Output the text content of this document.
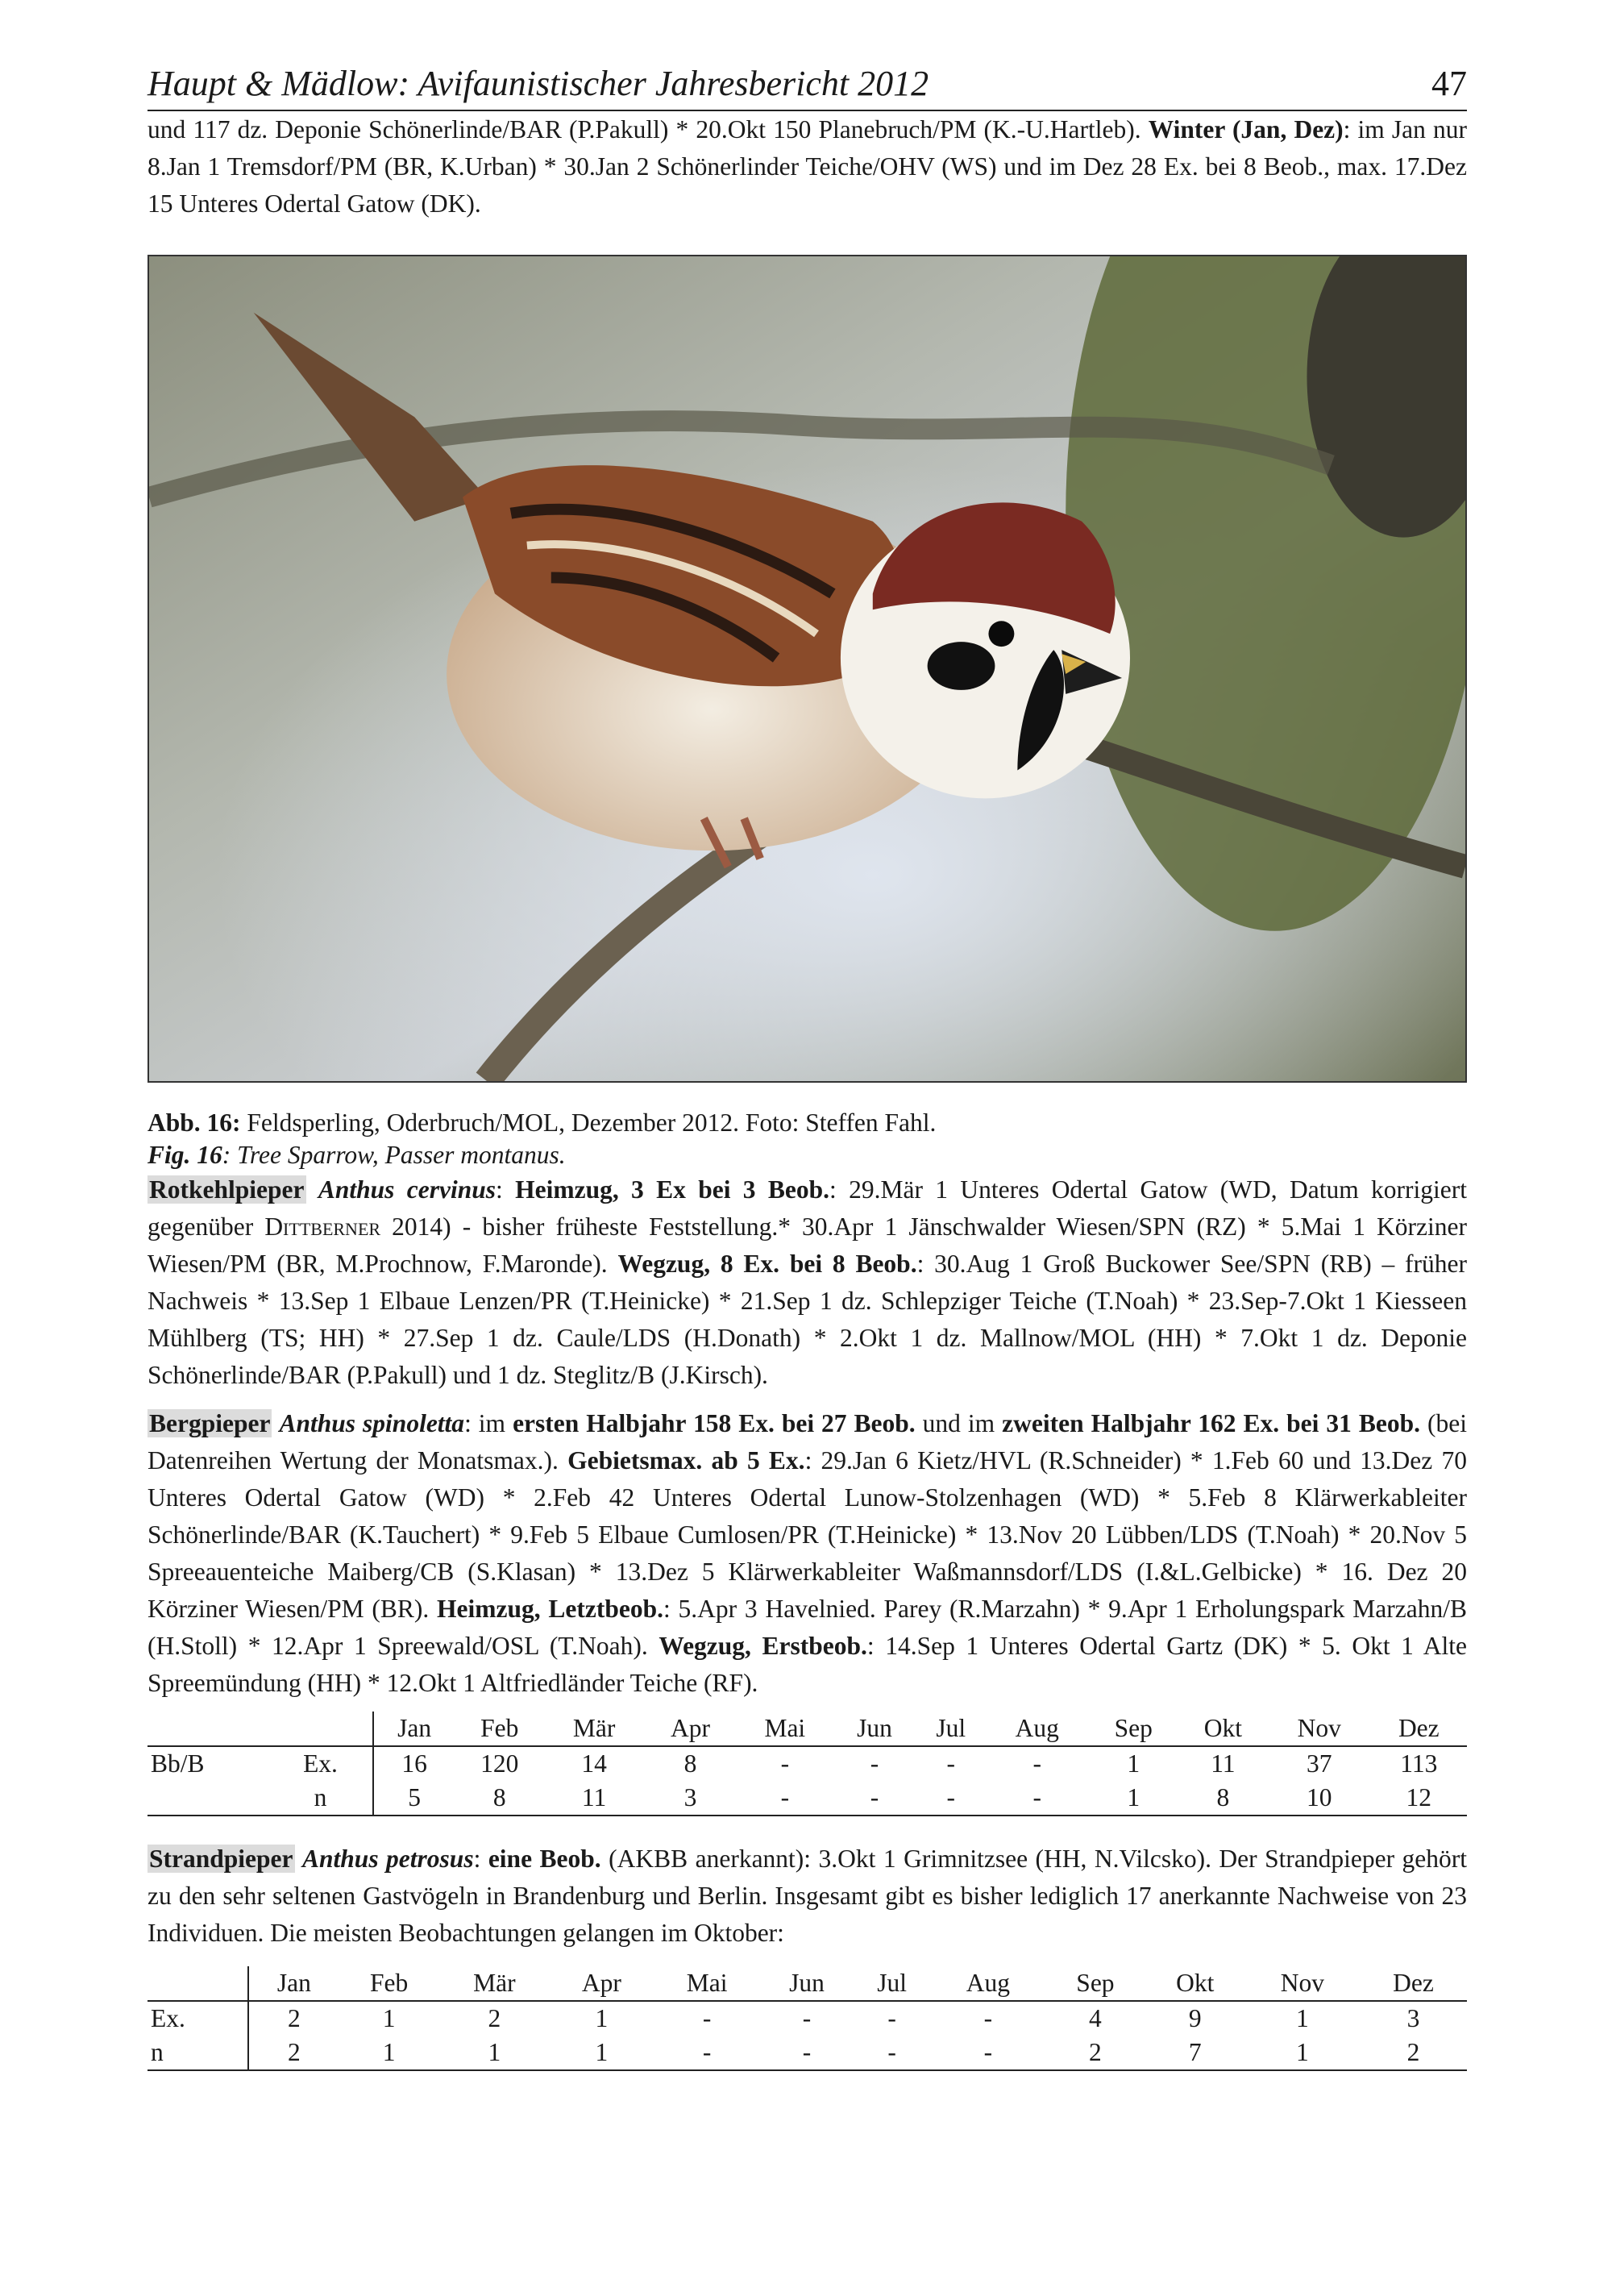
Haupt & Mädlow: Avifaunistischer Jahresbericht 2012	47

und 117 dz. Deponie Schönerlinde/BAR (P.Pakull) * 20.Okt 150 Planebruch/PM (K.-U.Hartleb). Winter (Jan, Dez): im Jan nur 8.Jan 1 Tremsdorf/PM (BR, K.Urban) * 30.Jan 2 Schönerlinder Teiche/OHV (WS) und im Dez 28 Ex. bei 8 Beob., max. 17.Dez 15 Unteres Odertal Gatow (DK).

Abb. 16: Feldsperling, Oderbruch/MOL, Dezember 2012. Foto: Steffen Fahl.
Fig. 16: Tree Sparrow, Passer montanus.

Rotkehlpieper Anthus cervinus: Heimzug, 3 Ex bei 3 Beob.: 29.Mär 1 Unteres Odertal Gatow (WD, Datum korrigiert gegenüber Dittberner 2014) - bisher früheste Feststellung.* 30.Apr 1 Jänschwalder Wiesen/SPN (RZ) * 5.Mai 1 Körziner Wiesen/PM (BR, M.Prochnow, F.Maronde). Wegzug, 8 Ex. bei 8 Beob.: 30.Aug 1 Groß Buckower See/SPN (RB) – früher Nachweis * 13.Sep 1 Elbaue Lenzen/PR (T.Heinicke) * 21.Sep 1 dz. Schlepziger Teiche (T.Noah) * 23.Sep-7.Okt 1 Kiesseen Mühlberg (TS; HH) * 27.Sep 1 dz. Caule/LDS (H.Donath) * 2.Okt 1 dz. Mallnow/MOL (HH) * 7.Okt 1 dz. Deponie Schönerlinde/BAR (P.Pakull) und 1 dz. Steglitz/B (J.Kirsch).

Bergpieper Anthus spinoletta: im ersten Halbjahr 158 Ex. bei 27 Beob. und im zweiten Halbjahr 162 Ex. bei 31 Beob. (bei Datenreihen Wertung der Monatsmax.). Gebietsmax. ab 5 Ex.: 29.Jan 6 Kietz/HVL (R.Schneider) * 1.Feb 60 und 13.Dez 70 Unteres Odertal Gatow (WD) * 2.Feb 42 Unteres Odertal Lunow-Stolzenhagen (WD) * 5.Feb 8 Klärwerkableiter Schönerlinde/BAR (K.Tauchert) * 9.Feb 5 Elbaue Cumlosen/PR (T.Heinicke) * 13.Nov 20 Lübben/LDS (T.Noah) * 20.Nov 5 Spreeauenteiche Maiberg/CB (S.Klasan) * 13.Dez 5 Klärwerkableiter Waßmannsdorf/LDS (I.&L.Gelbicke) * 16. Dez 20 Körziner Wiesen/PM (BR). Heimzug, Letztbeob.: 5.Apr 3 Havelnied. Parey (R.Marzahn) * 9.Apr 1 Erholungspark Marzahn/B (H.Stoll) * 12.Apr 1 Spreewald/OSL (T.Noah). Wegzug, Erstbeob.: 14.Sep 1 Unteres Odertal Gartz (DK) * 5. Okt 1 Alte Spreemündung (HH) * 12.Okt 1 Altfriedländer Teiche (RF).

		Jan	Feb	Mär	Apr	Mai	Jun	Jul	Aug	Sep	Okt	Nov	Dez
Bb/B	Ex.	16	120	14	8	-	-	-	-	1	11	37	113
	n	5	8	11	3	-	-	-	-	1	8	10	12

Strandpieper Anthus petrosus: eine Beob. (AKBB anerkannt): 3.Okt 1 Grimnitzsee (HH, N.Vilcsko). Der Strandpieper gehört zu den sehr seltenen Gastvögeln in Brandenburg und Berlin. Insgesamt gibt es bisher lediglich 17 anerkannte Nachweise von 23 Individuen. Die meisten Beobachtungen gelangen im Oktober:

	Jan	Feb	Mär	Apr	Mai	Jun	Jul	Aug	Sep	Okt	Nov	Dez
Ex.	2	1	2	1	-	-	-	-	4	9	1	3
n	2	1	1	1	-	-	-	-	2	7	1	2
